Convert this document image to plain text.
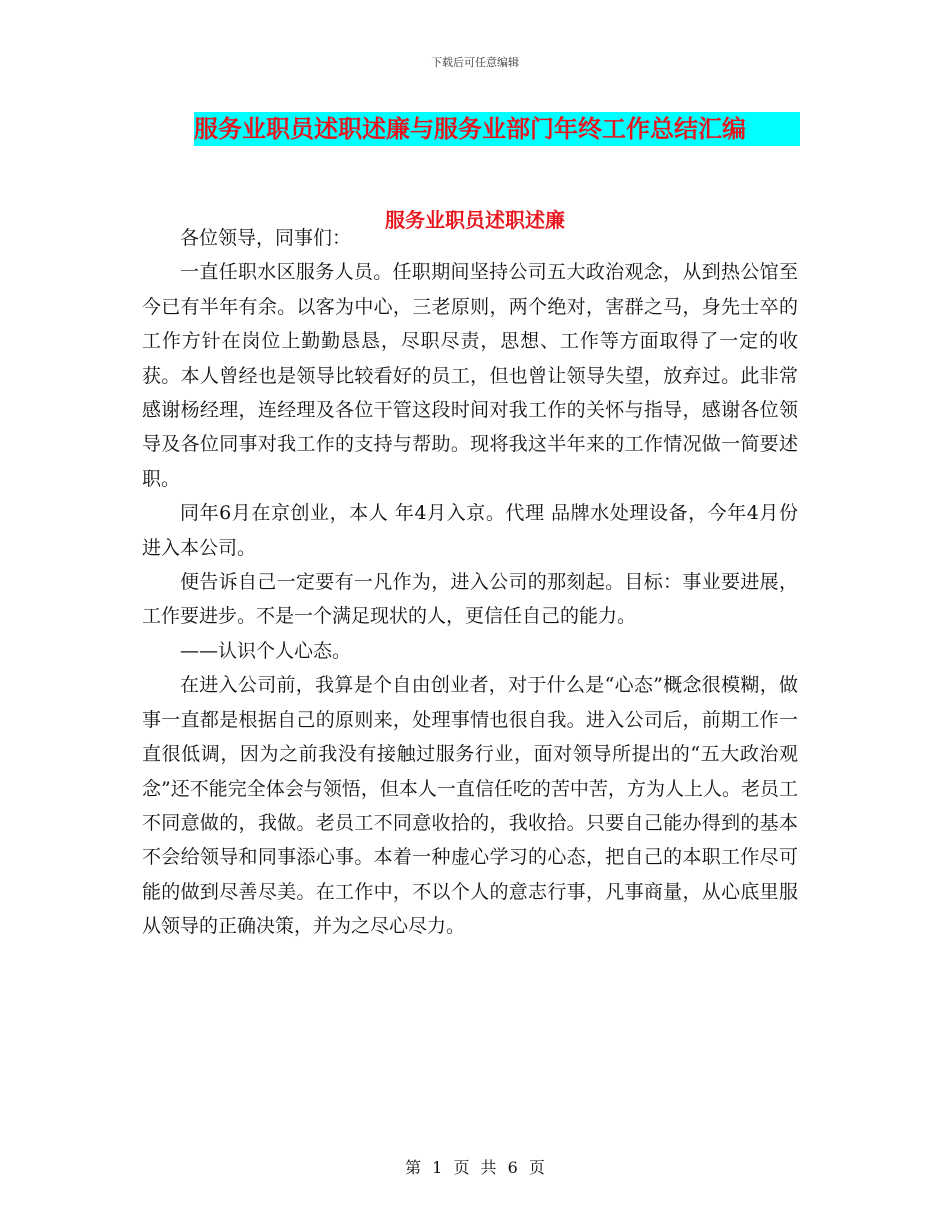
下载后可任意编辑
服务业职员述职述廉与服务业部门年终工作总结汇编
服务业职员述职述廉

各位领导，同事们：

一直任职水区服务人员。任职期间坚持公司五大政治观念，从到热公馆至今已有半年有余。以客为中心，三老原则，两个绝对，害群之马，身先士卒的工作方针在岗位上勤勤恳恳，尽职尽责，思想、工作等方面取得了一定的收获。本人曾经也是领导比较看好的员工，但也曾让领导失望，放弃过。此非常感谢杨经理，连经理及各位干管这段时间对我工作的关怀与指导，感谢各位领导及各位同事对我工作的支持与帮助。现将我这半年来的工作情况做一简要述职。

同年6月在京创业，本人 年4月入京。代理 品牌水处理设备，今年4月份进入本公司。

便告诉自己一定要有一凡作为，进入公司的那刻起。目标：事业要进展，工作要进步。不是一个满足现状的人，更信任自己的能力。

——认识个人心态。

在进入公司前，我算是个自由创业者，对于什么是“心态”概念很模糊，做事一直都是根据自己的原则来，处理事情也很自我。进入公司后，前期工作一直很低调，因为之前我没有接触过服务行业，面对领导所提出的“五大政治观念”还不能完全体会与领悟，但本人一直信任吃的苦中苦，方为人上人。老员工不同意做的，我做。老员工不同意收拾的，我收拾。只要自己能办得到的基本不会给领导和同事添心事。本着一种虚心学习的心态，把自己的本职工作尽可能的做到尽善尽美。在工作中，不以个人的意志行事，凡事商量，从心底里服从领导的正确决策，并为之尽心尽力。

第 1 页 共 6 页
